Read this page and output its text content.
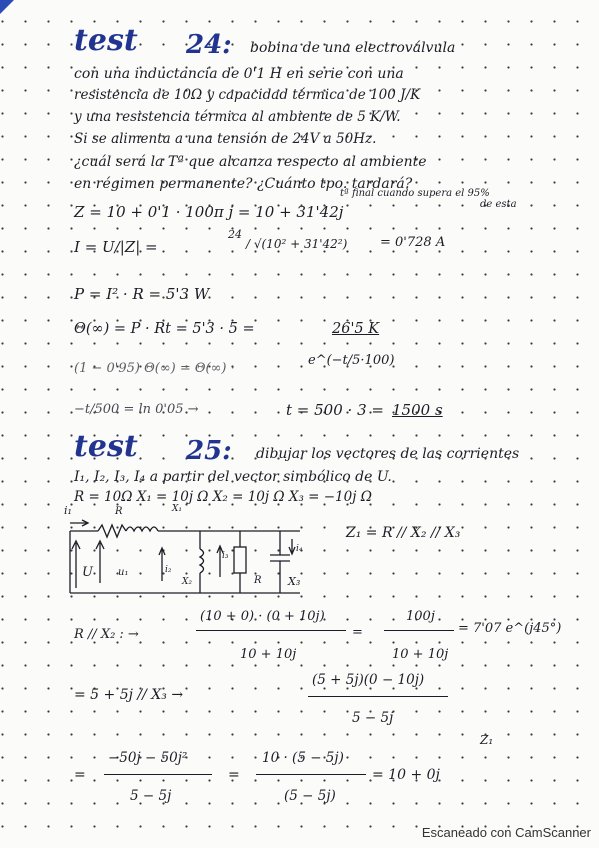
test 24: bobina de una electroválvula
con una inductancia de 0'1 H en serie con una
resistencia de 10Ω y capacidad térmica de 100 J/K
y una resistencia térmica al ambiente de 5 K/W.
Si se alimenta a una tensión de 24V a 50Hz.
¿cuál será la Tª que alcanza respecto al ambiente
en régimen permanente? ¿Cuánto tpo. tardará?
tª final cuando supera el 95%
de esta
Z = 10 + 0'1 · 100π j = 10 + 31'42j
I = U/|Z| =
24
/ √(10² + 31'42²)	= 0'728 A
P = I² · R = 5'3 W
Θ(∞) = P · Rt = 5'3 · 5 =	26'5 K
(1 − 0'95) Θ(∞) = Θ(∞) ·
e^(−t/5·100)
−t/500 = ln 0'05 →	t = 500 · 3 = 1500 s
test 25: dibujar los vectores de las corrientes
I₁, I₂, I₃, I₄ a partir del vector simbólico de U.
R = 10Ω X₁ = 10j Ω X₂ = 10j Ω X₃ = −10j Ω
i₁	R	X₁
U	u₁	i₂
X₂
i₃
R
i₄
X₃
Z₁ = R // X₂ // X₃
R // X₂ : →
(10 + 0) · (0 + 10j)
10 + 10j
=
100j
10 + 10j
= 7'07 e^(j45°)
= 5 + 5j // X₃ →
(5 + 5j)(0 − 10j)
5 − 5j
=
−50j − 50j²
5 − 5j
=
10 · (5 − 5j)
(5 − 5j)
= 10 + 0j
Z₁
Escaneado con CamScanner
